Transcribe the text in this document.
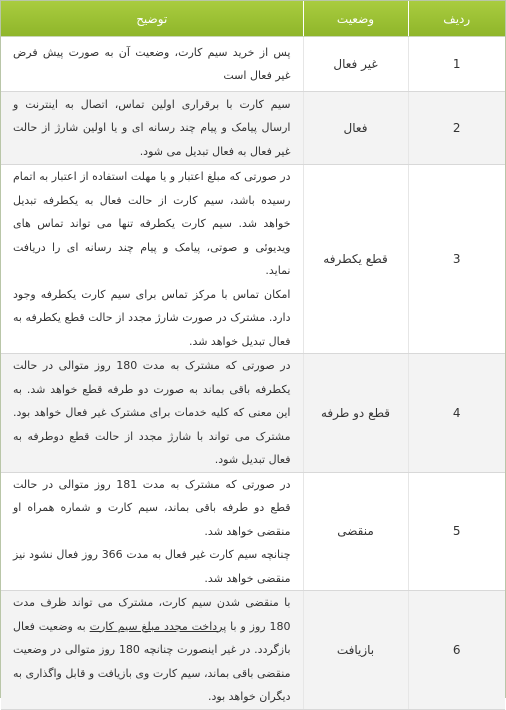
ردیف	وضعیت	توضیح
1	غیر فعال	پس از خرید سیم کارت، وضعیت آن به صورت پیش فرض غیر فعال است

2	فعال	سیم کارت با برقراری اولین تماس، اتصال به اینترنت و ارسال پیامک و پیام چند رسانه ای و یا اولین شارژ از حالت غیر فعال به فعال تبدیل می شود.

3	قطع یکطرفه	در صورتی که مبلغ اعتبار و یا مهلت استفاده از اعتبار به اتمام رسیده باشد، سیم کارت از حالت فعال به یکطرفه تبدیل خواهد شد. سیم کارت یکطرفه تنها می تواند تماس های ویدیوئی و صوتی، پیامک و پیام چند رسانه ای را دریافت نماید.
امکان تماس با مرکز تماس برای سیم کارت یکطرفه وجود دارد. مشترک در صورت شارژ مجدد از حالت قطع یکطرفه به فعال تبدیل خواهد شد.

4	قطع دو طرفه	در صورتی که مشترک به مدت 180 روز متوالی در حالت یکطرفه باقی بماند به صورت دو طرفه قطع خواهد شد. به این معنی که کلیه خدمات برای مشترک غیر فعال خواهد بود. مشترک می تواند با شارژ مجدد از حالت قطع دوطرفه به فعال تبدیل شود.

5	منقضی	در صورتی که مشترک به مدت 181 روز متوالی در حالت قطع دو طرفه باقی بماند، سیم کارت و شماره همراه او منقضی خواهد شد.
چنانچه سیم کارت غیر فعال به مدت 366 روز فعال نشود نیز منقضی خواهد شد.

6	بازیافت	با منقضی شدن سیم کارت، مشترک می تواند ظرف مدت 180 روز و با پرداخت مجدد مبلغ سیم کارت به وضعیت فعال بازگردد. در غیر اینصورت چنانچه 180 روز متوالی در وضعیت منقضی باقی بماند، سیم کارت وی بازیافت و قابل واگذاری به دیگران خواهد بود.
